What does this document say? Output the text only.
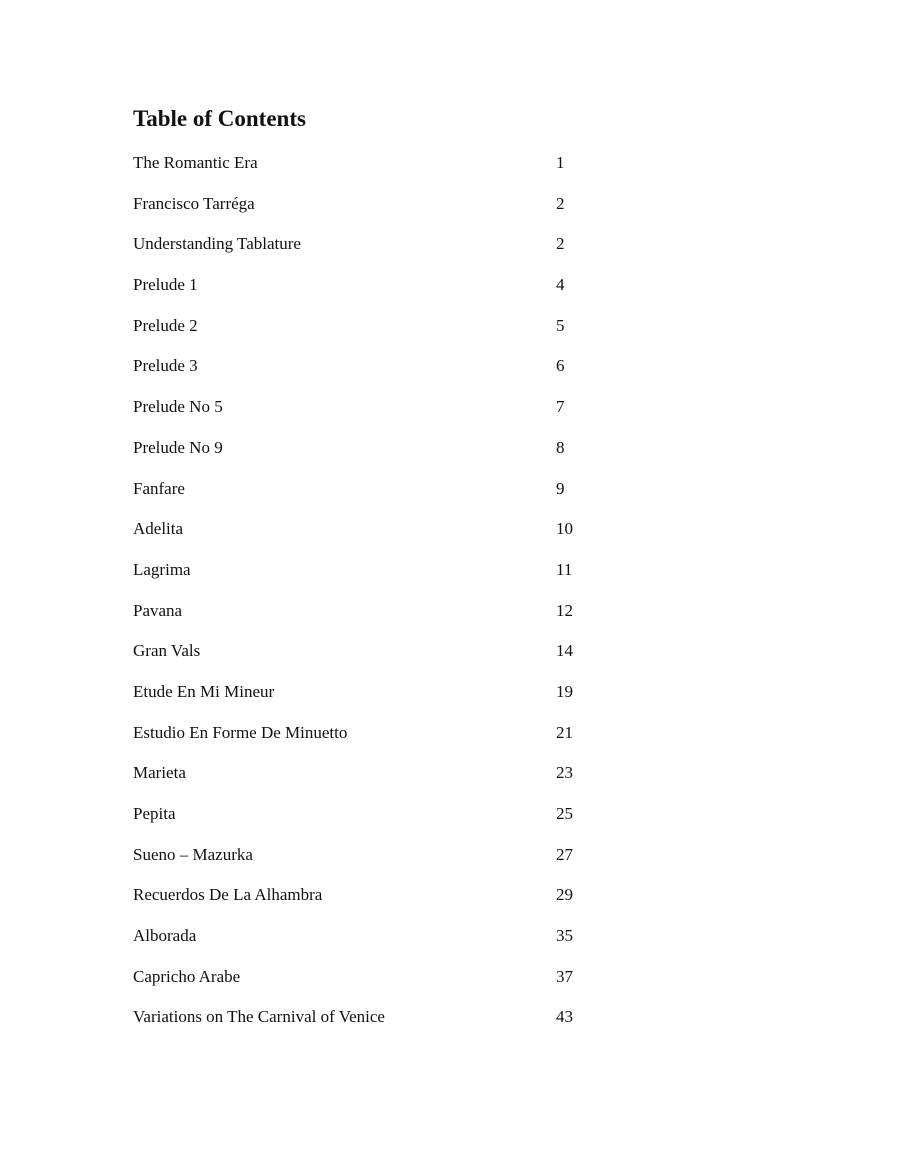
Table of Contents
The Romantic Era	1
Francisco Tarréga	2
Understanding Tablature	2
Prelude 1	4
Prelude 2	5
Prelude 3	6
Prelude No 5	7
Prelude No 9	8
Fanfare	9
Adelita	10
Lagrima	11
Pavana	12
Gran Vals	14
Etude En Mi Mineur	19
Estudio En Forme De Minuetto	21
Marieta	23
Pepita	25
Sueno – Mazurka	27
Recuerdos De La Alhambra	29
Alborada	35
Capricho Arabe	37
Variations on The Carnival of Venice	43
